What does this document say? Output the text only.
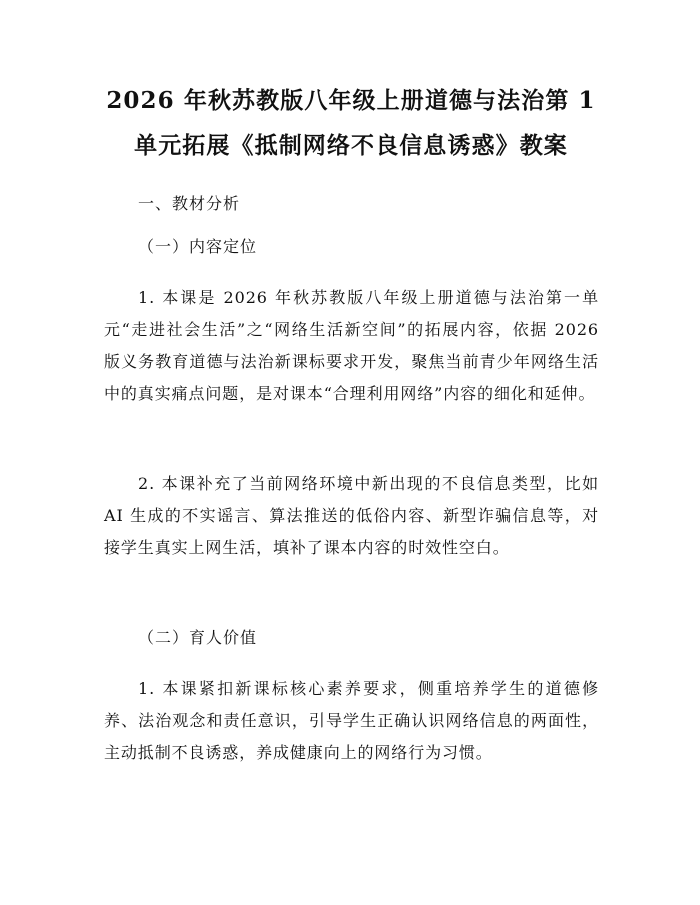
2026 年秋苏教版八年级上册道德与法治第 1
单元拓展《抵制网络不良信息诱惑》教案
一、教材分析
（一）内容定位

1. 本课是 2026 年秋苏教版八年级上册道德与法治第一单元“走进社会生活”之“网络生活新空间”的拓展内容，依据 2026 版义务教育道德与法治新课标要求开发，聚焦当前青少年网络生活中的真实痛点问题，是对课本“合理利用网络”内容的细化和延伸。

2. 本课补充了当前网络环境中新出现的不良信息类型，比如 AI 生成的不实谣言、算法推送的低俗内容、新型诈骗信息等，对接学生真实上网生活，填补了课本内容的时效性空白。

（二）育人价值

1. 本课紧扣新课标核心素养要求，侧重培养学生的道德修养、法治观念和责任意识，引导学生正确认识网络信息的两面性，主动抵制不良诱惑，养成健康向上的网络行为习惯。
